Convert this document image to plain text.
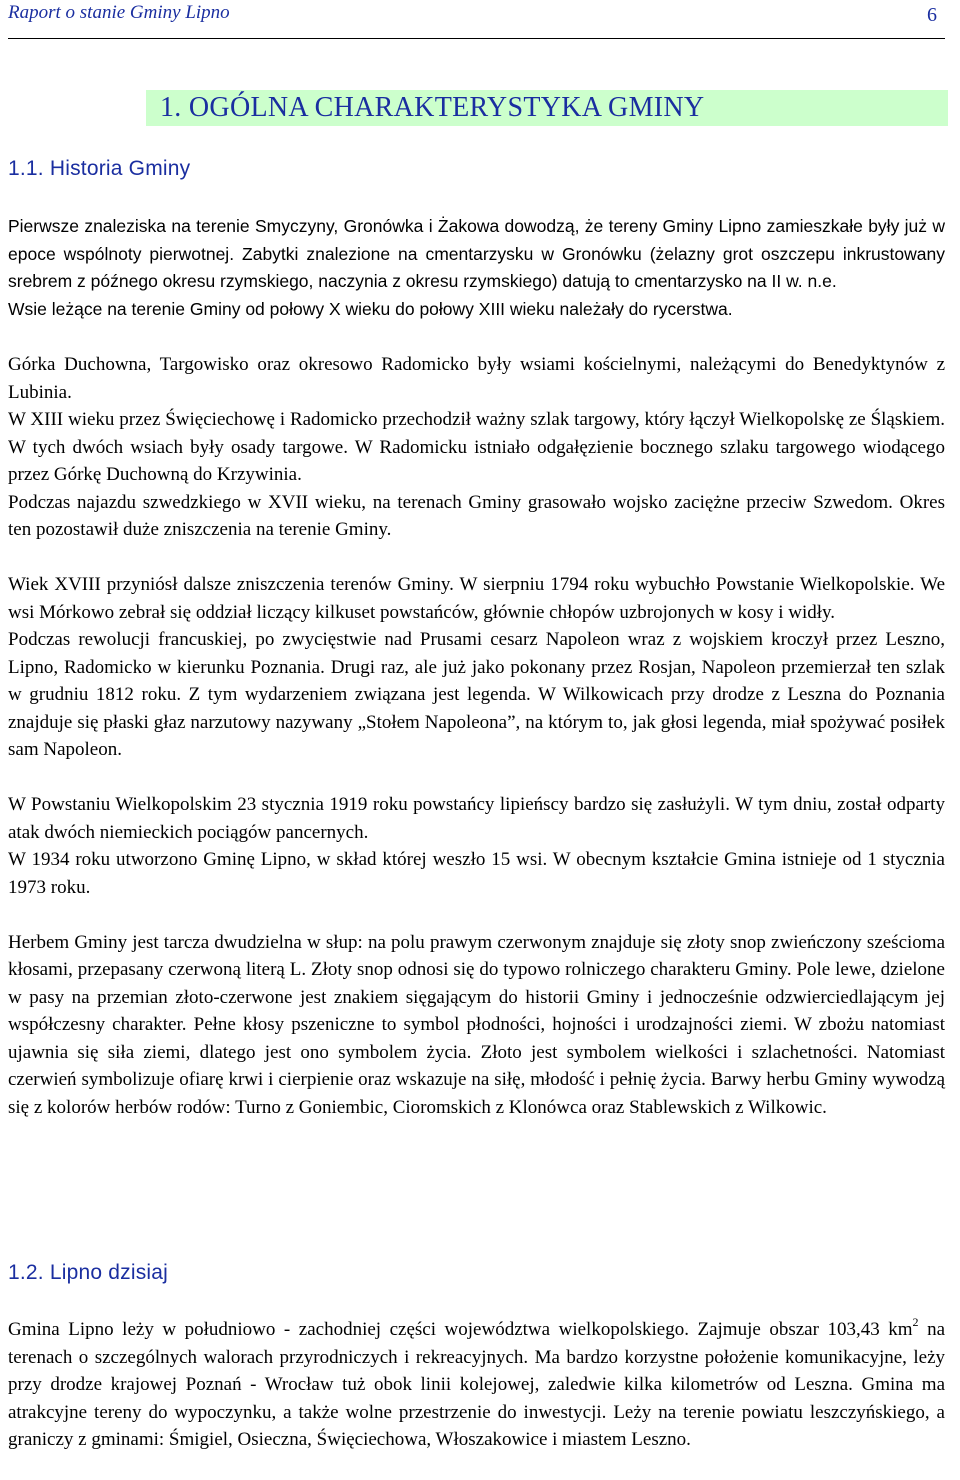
Raport o stanie Gminy Lipno	6
1. OGÓLNA CHARAKTERYSTYKA GMINY
1.1. Historia Gminy

Pierwsze znaleziska na terenie Smyczyny, Gronówka i Żakowa dowodzą, że tereny Gminy Lipno zamieszkałe były już w epoce wspólnoty pierwotnej. Zabytki znalezione na cmentarzysku w Gronówku (żelazny grot oszczepu inkrustowany srebrem z późnego okresu rzymskiego, naczynia z okresu rzymskiego) datują to cmentarzysko na II w. n.e.

Wsie leżące na terenie Gminy od połowy X wieku do połowy XIII wieku należały do rycerstwa.

Górka Duchowna, Targowisko oraz okresowo Radomicko były wsiami kościelnymi, należącymi do Benedyktynów z Lubinia.

W XIII wieku przez Święciechowę i Radomicko przechodził ważny szlak targowy, który łączył Wielkopolskę ze Śląskiem. W tych dwóch wsiach były osady targowe. W Radomicku istniało odgałęzienie bocznego szlaku targowego wiodącego przez Górkę Duchowną do Krzywinia.

Podczas najazdu szwedzkiego w XVII wieku, na terenach Gminy grasowało wojsko zaciężne przeciw Szwedom. Okres ten pozostawił duże zniszczenia na terenie Gminy.

Wiek XVIII przyniósł dalsze zniszczenia terenów Gminy. W sierpniu 1794 roku wybuchło Powstanie Wielkopolskie. We wsi Mórkowo zebrał się oddział liczący kilkuset powstańców, głównie chłopów uzbrojonych w kosy i widły.

Podczas rewolucji francuskiej, po zwycięstwie nad Prusami cesarz Napoleon wraz z wojskiem kroczył przez Leszno, Lipno, Radomicko w kierunku Poznania. Drugi raz, ale już jako pokonany przez Rosjan, Napoleon przemierzał ten szlak w grudniu 1812 roku. Z tym wydarzeniem związana jest legenda. W Wilkowicach przy drodze z Leszna do Poznania znajduje się płaski głaz narzutowy nazywany „Stołem Napoleona”, na którym to, jak głosi legenda, miał spożywać posiłek sam Napoleon.

W Powstaniu Wielkopolskim 23 stycznia 1919 roku powstańcy lipieńscy bardzo się zasłużyli. W tym dniu, został odparty atak dwóch niemieckich pociągów pancernych.

W 1934 roku utworzono Gminę Lipno, w skład której weszło 15 wsi. W obecnym kształcie Gmina istnieje od 1 stycznia 1973 roku.

Herbem Gminy jest tarcza dwudzielna w słup: na polu prawym czerwonym znajduje się złoty snop zwieńczony sześcioma kłosami, przepasany czerwoną literą L. Złoty snop odnosi się do typowo rolniczego charakteru Gminy. Pole lewe, dzielone w pasy na przemian złoto-czerwone jest znakiem sięgającym do historii Gminy i jednocześnie odzwierciedlającym jej współczesny charakter. Pełne kłosy pszeniczne to symbol płodności, hojności i urodzajności ziemi. W zbożu natomiast ujawnia się siła ziemi, dlatego jest ono symbolem życia. Złoto jest symbolem wielkości i szlachetności. Natomiast czerwień symbolizuje ofiarę krwi i cierpienie oraz wskazuje na siłę, młodość i pełnię życia. Barwy herbu Gminy wywodzą się z kolorów herbów rodów: Turno z Goniembic, Cioromskich z Klonówca oraz Stablewskich z Wilkowic.

1.2. Lipno dzisiaj

Gmina Lipno leży w południowo - zachodniej części województwa wielkopolskiego. Zajmuje obszar 103,43 $km^2$ na terenach o szczególnych walorach przyrodniczych i rekreacyjnych. Ma bardzo korzystne położenie komunikacyjne, leży przy drodze krajowej Poznań - Wrocław tuż obok linii kolejowej, zaledwie kilka kilometrów od Leszna. Gmina ma atrakcyjne tereny do wypoczynku, a także wolne przestrzenie do inwestycji. Leży na terenie powiatu leszczyńskiego, a graniczy z gminami: Śmigiel, Osieczna, Święciechowa, Włoszakowice i miastem Leszno.
